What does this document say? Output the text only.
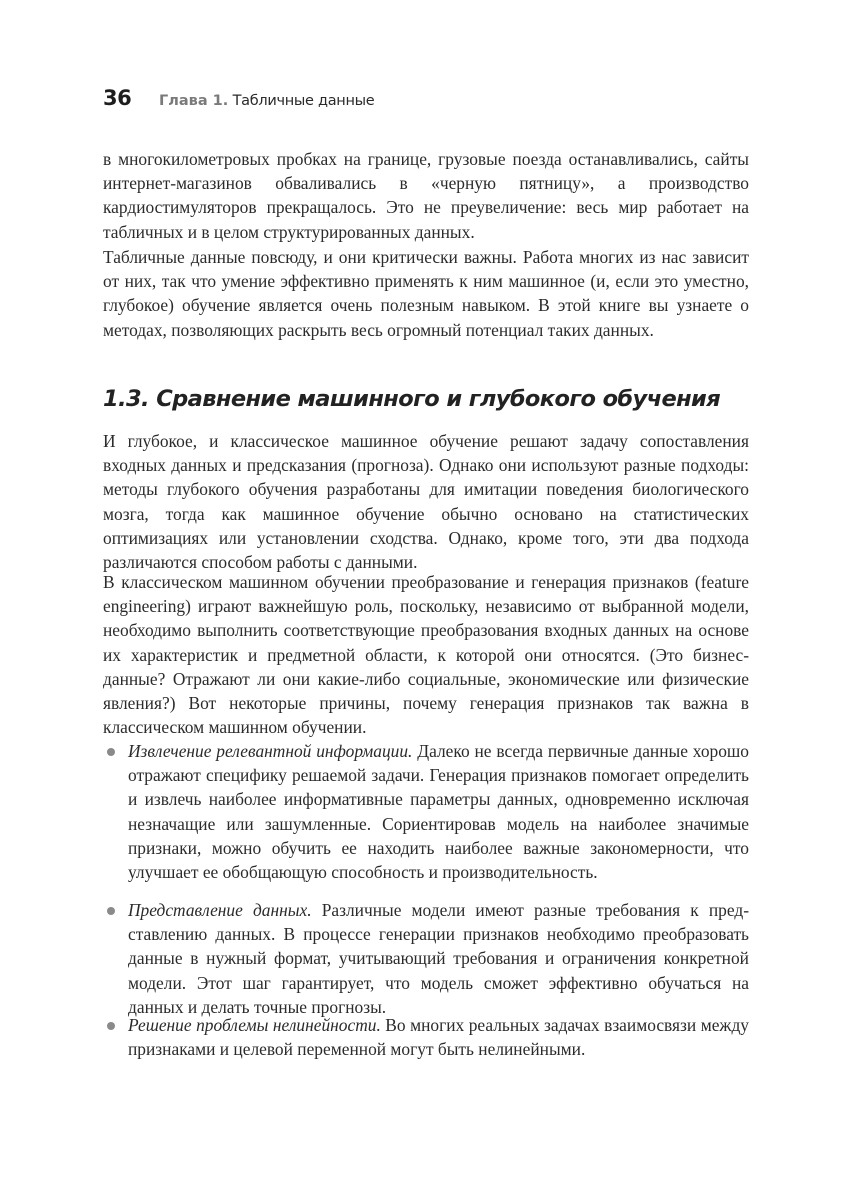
36 Глава 1. Табличные данные

в многокилометровых пробках на границе, грузовые поезда останавливались, сайты интернет-магазинов обваливались в «черную пятницу», а производство кардиостимуляторов прекращалось. Это не преувеличение: весь мир работает на табличных и в целом структурированных данных.

Табличные данные повсюду, и они критически важны. Работа многих из нас зависит от них, так что умение эффективно применять к ним машинное (и, если это уместно, глубокое) обучение является очень полезным навыком. В этой книге вы узнаете о методах, позволяющих раскрыть весь огромный потенциал таких данных.

1.3. Сравнение машинного и глубокого обучения

И глубокое, и классическое машинное обучение решают задачу сопоставления входных данных и предсказания (прогноза). Однако они используют разные подходы: методы глубокого обучения разработаны для имитации поведения биологического мозга, тогда как машинное обучение обычно основано на статистических оптимизациях или установлении сходства. Однако, кроме того, эти два подхода различаются способом работы с данными.

В классическом машинном обучении преобразование и генерация признаков (feature engineering) играют важнейшую роль, поскольку, независимо от выбранной модели, необходимо выполнить соответствующие преобразования входных данных на основе их характеристик и предметной области, к которой они относятся. (Это бизнес-данные? Отражают ли они какие-либо социальные, экономические или физические явления?) Вот некоторые причины, почему генерация признаков так важна в классическом машинном обучении.

Извлечение релевантной информации. Далеко не всегда первичные данные хорошо отражают специфику решаемой задачи. Генерация признаков помогает определить и извлечь наиболее информативные параметры данных, одновременно исключая незначащие или зашумленные. Сориентировав модель на наиболее значимые признаки, можно обучить ее находить наиболее важные закономерности, что улучшает ее обобщающую способность и производительность.
Представление данных. Различные модели имеют разные требования к представлению данных. В процессе генерации признаков необходимо преобразовать данные в нужный формат, учитывающий требования и ограничения конкретной модели. Этот шаг гарантирует, что модель сможет эффективно обучаться на данных и делать точные прогнозы.
Решение проблемы нелинейности. Во многих реальных задачах взаимосвязи между признаками и целевой переменной могут быть нелинейными.
